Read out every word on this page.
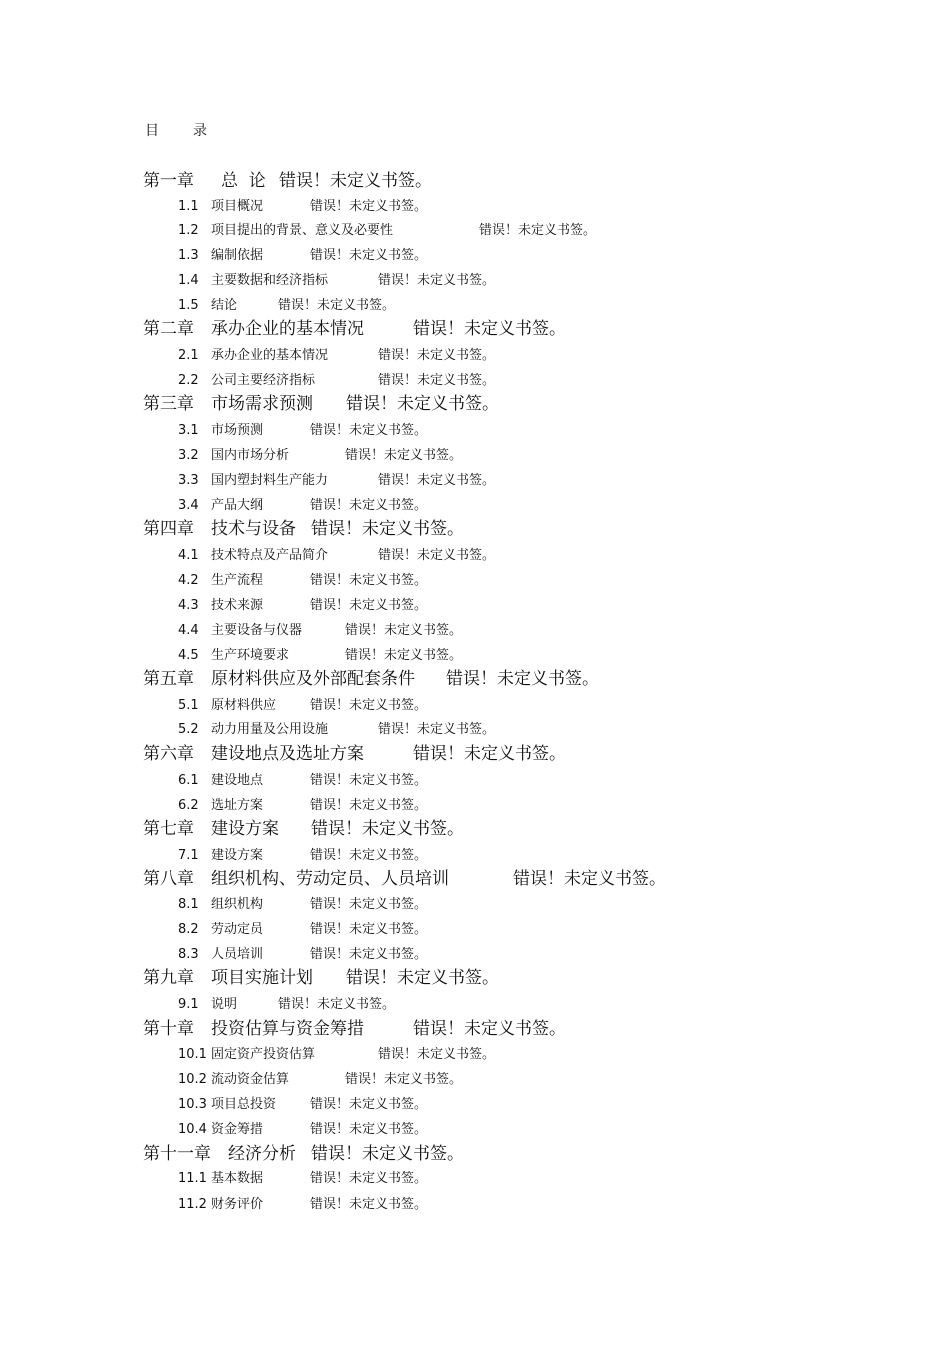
目 录
第一章 总  论 错误！未定义书签。
1.1 项目概况	错误！未定义书签。
1.2 项目提出的背景、意义及必要性	错误！未定义书签。
1.3 编制依据	错误！未定义书签。
1.4 主要数据和经济指标	错误！未定义书签。
1.5 结论	错误！未定义书签。
第二章 承办企业的基本情况	错误！未定义书签。
2.1 承办企业的基本情况	错误！未定义书签。
2.2 公司主要经济指标	错误！未定义书签。
第三章 市场需求预测 错误！未定义书签。
3.1 市场预测	错误！未定义书签。
3.2 国内市场分析	错误！未定义书签。
3.3 国内塑封料生产能力	错误！未定义书签。
3.4 产品大纲	错误！未定义书签。
第四章 技术与设备 错误！未定义书签。
4.1 技术特点及产品简介	错误！未定义书签。
4.2 生产流程	错误！未定义书签。
4.3 技术来源	错误！未定义书签。
4.4 主要设备与仪器	错误！未定义书签。
4.5 生产环境要求	错误！未定义书签。
第五章 原材料供应及外部配套条件 错误！未定义书签。
5.1 原材料供应	错误！未定义书签。
5.2 动力用量及公用设施	错误！未定义书签。
第六章 建设地点及选址方案	错误！未定义书签。
6.1 建设地点	错误！未定义书签。
6.2 选址方案	错误！未定义书签。
第七章 建设方案 错误！未定义书签。
7.1 建设方案	错误！未定义书签。
第八章 组织机构、劳动定员、人员培训	错误！未定义书签。
8.1 组织机构	错误！未定义书签。
8.2 劳动定员	错误！未定义书签。
8.3 人员培训	错误！未定义书签。
第九章 项目实施计划 错误！未定义书签。
9.1 说明	错误！未定义书签。
第十章 投资估算与资金筹措	错误！未定义书签。
10.1 固定资产投资估算	错误！未定义书签。
10.2 流动资金估算	错误！未定义书签。
10.3 项目总投资	错误！未定义书签。
10.4 资金筹措	错误！未定义书签。
第十一章 经济分析 错误！未定义书签。
11.1 基本数据	错误！未定义书签。
11.2 财务评价	错误！未定义书签。
